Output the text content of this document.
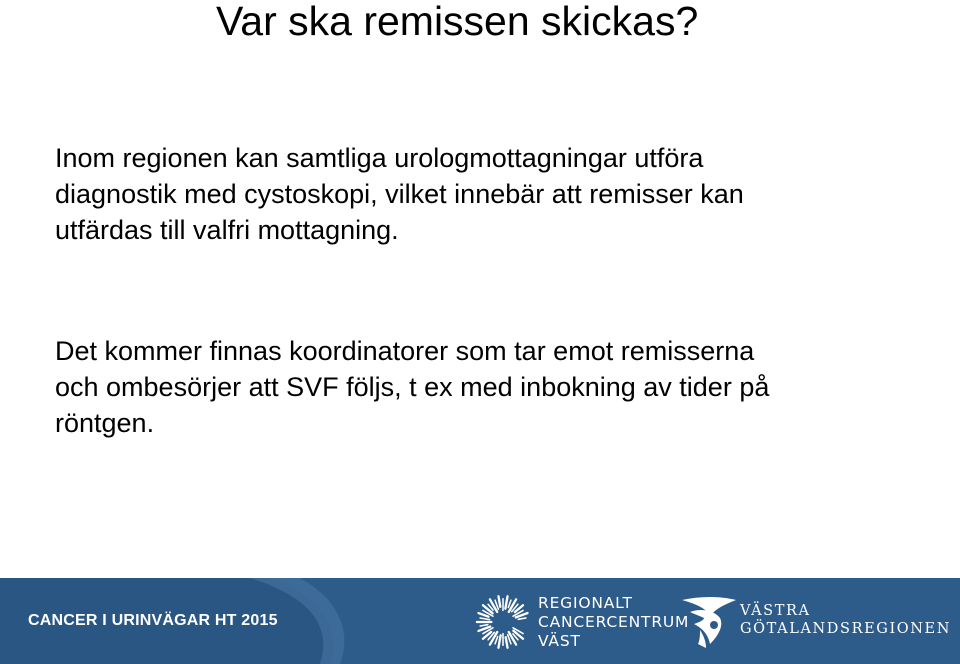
Var ska remissen skickas?
Inom regionen kan samtliga urologmottagningar utföra
diagnostik med cystoskopi, vilket innebär att remisser kan
utfärdas till valfri mottagning.
Det kommer finnas koordinatorer som tar emot remisserna
och ombesörjer att SVF följs, t ex med inbokning av tider på
röntgen.
CANCER I URINVÄGAR HT 2015
REGIONALT
CANCERCENTRUM
VÄST
VÄSTRA
GÖTALANDSREGIONEN
